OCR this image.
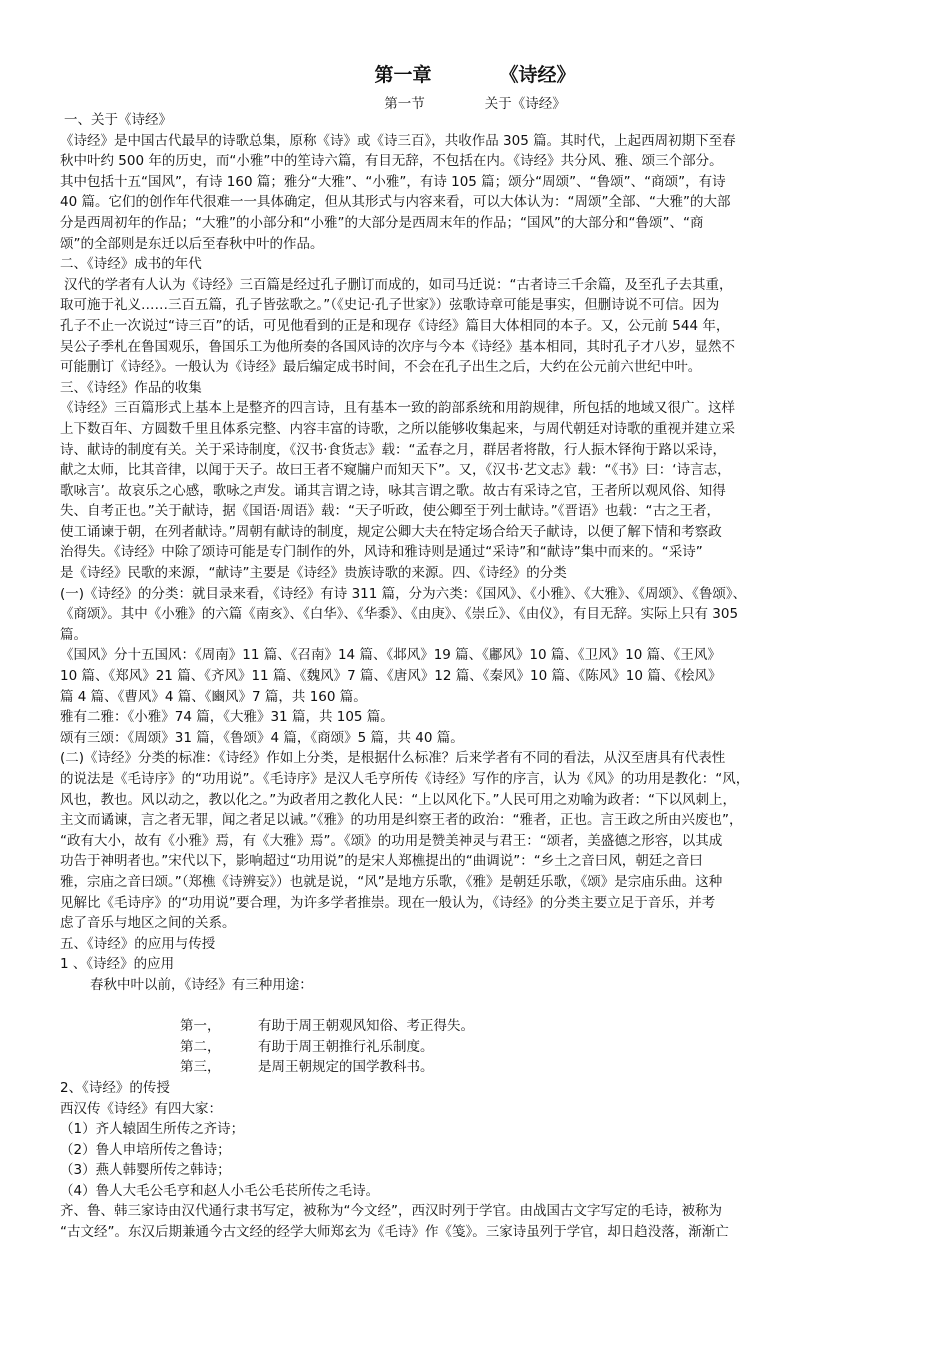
第一章	《诗经》
第一节	关于《诗经》
一、关于《诗经》
《诗经》是中国古代最早的诗歌总集，原称《诗》或《诗三百》，共收作品 305 篇。其时代，上起西周初期下至春
秋中叶约 500 年的历史，而“小雅”中的笙诗六篇，有目无辞，不包括在内。《诗经》共分风、雅、颂三个部分。
其中包括十五“国风”，有诗 160 篇；雅分“大雅”、“小雅”，有诗 105 篇；颂分“周颂”、“鲁颂”、“商颂”，有诗
40 篇。它们的创作年代很难一一具体确定，但从其形式与内容来看，可以大体认为：“周颂”全部、“大雅”的大部
分是西周初年的作品；“大雅”的小部分和“小雅”的大部分是西周末年的作品；“国风”的大部分和“鲁颂”、“商
颂”的全部则是东迁以后至春秋中叶的作品。
二、《诗经》成书的年代
汉代的学者有人认为《诗经》三百篇是经过孔子删订而成的，如司马迁说：“古者诗三千余篇，及至孔子去其重，
取可施于礼义……三百五篇，孔子皆弦歌之。”（《史记·孔子世家》）弦歌诗章可能是事实，但删诗说不可信。因为
孔子不止一次说过“诗三百”的话，可见他看到的正是和现存《诗经》篇目大体相同的本子。又，公元前 544 年，
吴公子季札在鲁国观乐，鲁国乐工为他所奏的各国风诗的次序与今本《诗经》基本相同，其时孔子才八岁，显然不
可能删订《诗经》。一般认为《诗经》最后编定成书时间，不会在孔子出生之后，大约在公元前六世纪中叶。
三、《诗经》作品的收集
《诗经》三百篇形式上基本上是整齐的四言诗，且有基本一致的韵部系统和用韵规律，所包括的地域又很广。这样
上下数百年、方圆数千里且体系完整、内容丰富的诗歌，之所以能够收集起来，与周代朝廷对诗歌的重视并建立采
诗、献诗的制度有关。关于采诗制度，《汉书·食货志》载：“孟春之月，群居者将散，行人振木铎徇于路以采诗，
献之太师，比其音律，以闻于天子。故曰王者不窥牖户而知天下”。又，《汉书·艺文志》载：“《书》曰：‘诗言志，
歌咏言’。故哀乐之心感，歌咏之声发。诵其言谓之诗，咏其言谓之歌。故古有采诗之官，王者所以观风俗、知得
失、自考正也。”关于献诗，据《国语·周语》载：“天子听政，使公卿至于列士献诗。”《晋语》也载：“古之王者，
使工诵谏于朝，在列者献诗。”周朝有献诗的制度，规定公卿大夫在特定场合给天子献诗，以便了解下情和考察政
治得失。《诗经》中除了颂诗可能是专门制作的外，风诗和雅诗则是通过“采诗”和“献诗”集中而来的。“采诗”
是《诗经》民歌的来源，“献诗”主要是《诗经》贵族诗歌的来源。四、《诗经》的分类
(一)《诗经》的分类：就目录来看，《诗经》有诗 311 篇，分为六类：《国风》、《小雅》、《大雅》、《周颂》、《鲁颂》、
《商颂》。其中《小雅》的六篇《南亥》、《白华》、《华黍》、《由庚》、《崇丘》、《由仪》，有目无辞。实际上只有 305
篇。
《国风》分十五国风：《周南》11 篇、《召南》14 篇、《邶风》19 篇、《鄘风》10 篇、《卫风》10 篇、《王风》
10 篇、《郑风》21 篇、《齐风》11 篇、《魏风》7 篇、《唐风》12 篇、《秦风》10 篇、《陈风》10 篇、《桧风》
篇 4 篇、《曹风》4 篇、《豳风》7 篇，共 160 篇。
雅有二雅：《小雅》74 篇，《大雅》31 篇，共 105 篇。
颂有三颂：《周颂》31 篇，《鲁颂》4 篇，《商颂》5 篇，共 40 篇。
(二)《诗经》分类的标准：《诗经》作如上分类，是根据什么标准？后来学者有不同的看法，从汉至唐具有代表性
的说法是《毛诗序》的“功用说”。《毛诗序》是汉人毛亨所传《诗经》写作的序言，认为《风》的功用是教化：“风，
风也，教也。风以动之，教以化之。”为政者用之教化人民：“上以风化下。”人民可用之劝喻为政者：“下以风刺上，
主文而谲谏，言之者无罪，闻之者足以诫。”《雅》的功用是纠察王者的政治：“雅者，正也。言王政之所由兴废也”，
“政有大小，故有《小雅》焉，有《大雅》焉”。《颂》的功用是赞美神灵与君王：“颂者，美盛德之形容，以其成
功告于神明者也。”宋代以下，影响超过“功用说”的是宋人郑樵提出的“曲调说”：“乡土之音曰风，朝廷之音曰
雅，宗庙之音曰颂。”（郑樵《诗辨妄》）也就是说，“风”是地方乐歌，《雅》是朝廷乐歌，《颂》是宗庙乐曲。这种
见解比《毛诗序》的“功用说”要合理，为许多学者推崇。现在一般认为，《诗经》的分类主要立足于音乐，并考
虑了音乐与地区之间的关系。
五、《诗经》的应用与传授
1 、《诗经》的应用
春秋中叶以前，《诗经》有三种用途：
第一，	有助于周王朝观风知俗、考正得失。
第二，	有助于周王朝推行礼乐制度。
第三，	是周王朝规定的国学教科书。
2、《诗经》的传授
西汉传《诗经》有四大家：
（1）齐人辕固生所传之齐诗；
（2）鲁人申培所传之鲁诗；
（3）燕人韩婴所传之韩诗；
（4）鲁人大毛公毛亨和赵人小毛公毛苌所传之毛诗。
齐、鲁、韩三家诗由汉代通行隶书写定，被称为“今文经”，西汉时列于学官。由战国古文字写定的毛诗，被称为
“古文经”。东汉后期兼通今古文经的经学大师郑玄为《毛诗》作《笺》。三家诗虽列于学官，却日趋没落，渐渐亡
